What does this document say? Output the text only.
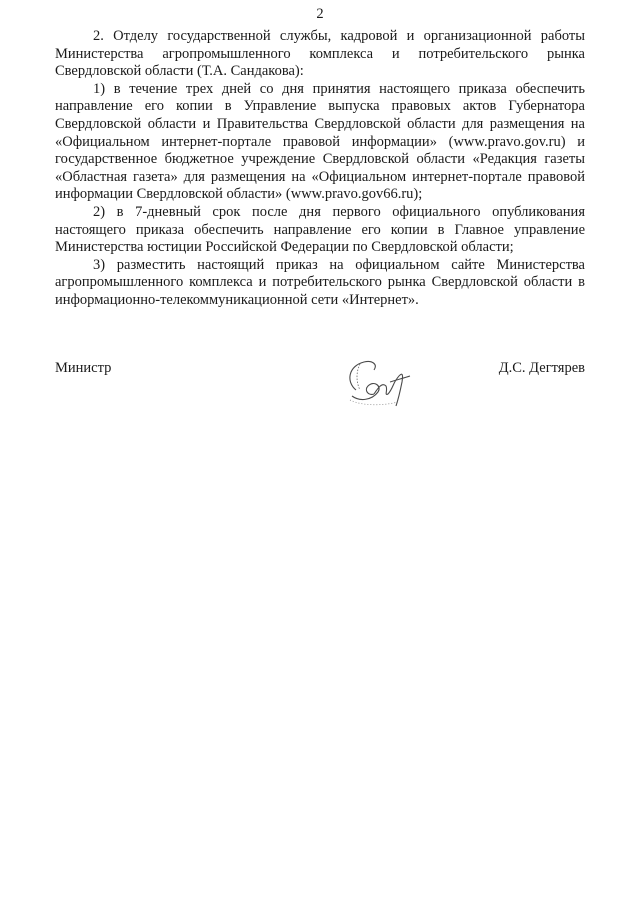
2

2. Отделу государственной службы, кадровой и организационной работы Министерства агропромышленного комплекса и потребительского рынка Свердловской области (Т.А. Сандакова):

1) в течение трех дней со дня принятия настоящего приказа обеспечить направление его копии в Управление выпуска правовых актов Губернатора Свердловской области и Правительства Свердловской области для размещения на «Официальном интернет-портале правовой информации» (www.pravo.gov.ru) и государственное бюджетное учреждение Свердловской области «Редакция газеты «Областная газета» для размещения на «Официальном интернет-портале правовой информации Свердловской области» (www.pravo.gov66.ru);

2) в 7-дневный срок после дня первого официального опубликования настоящего приказа обеспечить направление его копии в Главное управление Министерства юстиции Российской Федерации по Свердловской области;

3) разместить настоящий приказ на официальном сайте Министерства агропромышленного комплекса и потребительского рынка Свердловской области в информационно-телекоммуникационной сети «Интернет».

Министр	Д.С. Дегтярев
